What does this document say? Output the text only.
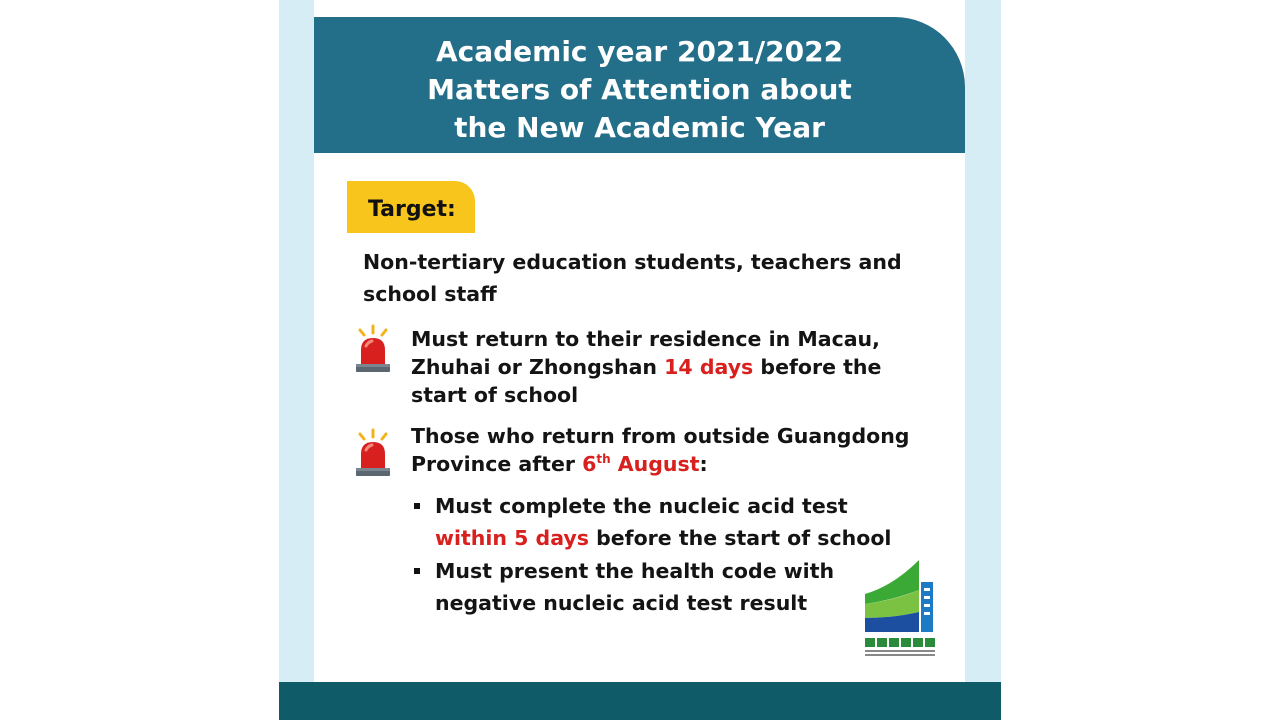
Academic year 2021/2022
Matters of Attention about
the New Academic Year
Target:
Non-tertiary education students, teachers and school staff
Must return to their residence in Macau, Zhuhai or Zhongshan 14 days before the start of school
Those who return from outside Guangdong Province after 6th August:
Must complete the nucleic acid test within 5 days before the start of school
Must present the health code with negative nucleic acid test result
